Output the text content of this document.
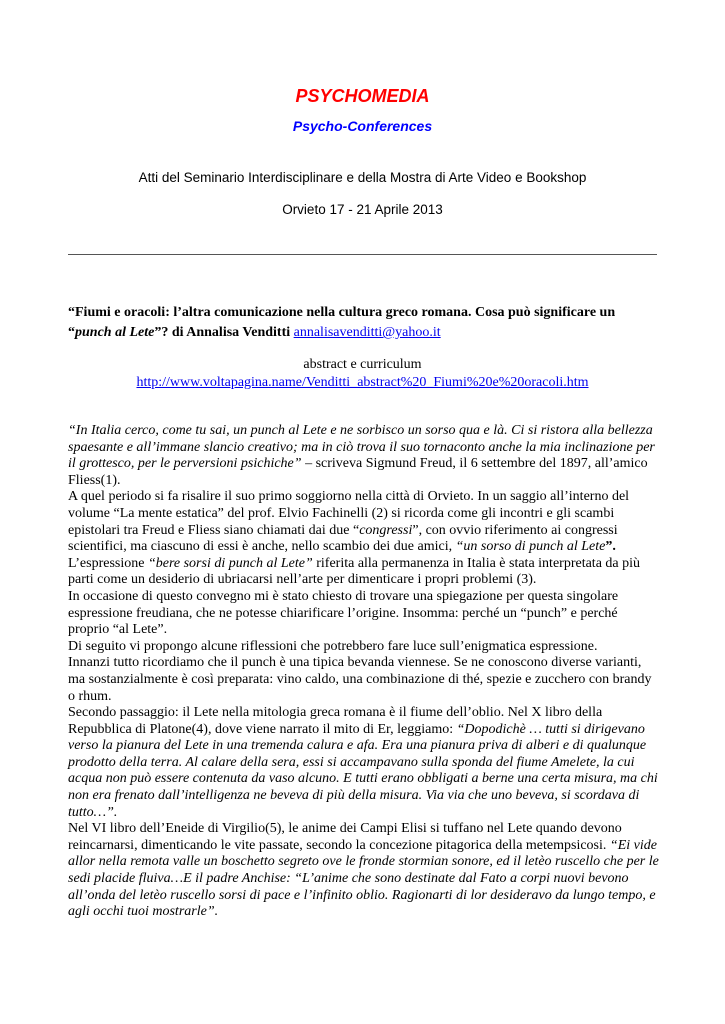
PSYCHOMEDIA
Psycho-Conferences
Atti del Seminario Interdisciplinare e della Mostra di Arte Video e Bookshop
Orvieto 17 - 21 Aprile 2013
“Fiumi e oracoli: l’altra comunicazione nella cultura greco romana. Cosa può significare un
“punch al Lete”? di Annalisa Venditti annalisavenditti@yahoo.it
abstract e curriculum
http://www.voltapagina.name/Venditti_abstract%20_Fiumi%20e%20oracoli.htm

“In Italia cerco, come tu sai, un punch al Lete e ne sorbisco un sorso qua e là. Ci si ristora alla bellezza spaesante e all’immane slancio creativo; ma in ciò trova il suo tornaconto anche la mia inclinazione per il grottesco, per le perversioni psichiche” – scriveva Sigmund Freud, il 6 settembre del 1897, all’amico Fliess(1).

A quel periodo si fa risalire il suo primo soggiorno nella città di Orvieto. In un saggio all’interno del volume “La mente estatica” del prof. Elvio Fachinelli (2) si ricorda come gli incontri e gli scambi epistolari tra Freud e Fliess siano chiamati dai due “congressi”, con ovvio riferimento ai congressi scientifici, ma ciascuno di essi è anche, nello scambio dei due amici, “un sorso di punch al Lete”.

L’espressione “bere sorsi di punch al Lete” riferita alla permanenza in Italia è stata interpretata da più parti come un desiderio di ubriacarsi nell’arte per dimenticare i propri problemi (3).

In occasione di questo convegno mi è stato chiesto di trovare una spiegazione per questa singolare espressione freudiana, che ne potesse chiarificare l’origine. Insomma: perché un “punch” e perché proprio “al Lete”.

Di seguito vi propongo alcune riflessioni che potrebbero fare luce sull’enigmatica espressione.

Innanzi tutto ricordiamo che il punch è una tipica bevanda viennese. Se ne conoscono diverse varianti, ma sostanzialmente è così preparata: vino caldo, una combinazione di thé, spezie e zucchero con brandy o rhum.

Secondo passaggio: il Lete nella mitologia greca romana è il fiume dell’oblio. Nel X libro della Repubblica di Platone(4), dove viene narrato il mito di Er, leggiamo: “Dopodichè … tutti si dirigevano verso la pianura del Lete in una tremenda calura e afa. Era una pianura priva di alberi e di qualunque prodotto della terra. Al calare della sera, essi si accampavano sulla sponda del fiume Amelete, la cui acqua non può essere contenuta da vaso alcuno. E tutti erano obbligati a berne una certa misura, ma chi non era frenato dall’intelligenza ne beveva di più della misura. Via via che uno beveva, si scordava di tutto…”.

Nel VI libro dell’Eneide di Virgilio(5), le anime dei Campi Elisi si tuffano nel Lete quando devono reincarnarsi, dimenticando le vite passate, secondo la concezione pitagorica della metempsicosi. “Ei vide allor nella remota valle un boschetto segreto ove le fronde stormian sonore, ed il letèo ruscello che per le sedi placide fluiva…E il padre Anchise: “L’anime che sono destinate dal Fato a corpi nuovi bevono all’onda del letèo ruscello sorsi di pace e l’infinito oblio. Ragionarti di lor desideravo da lungo tempo, e agli occhi tuoi mostrarle”.
